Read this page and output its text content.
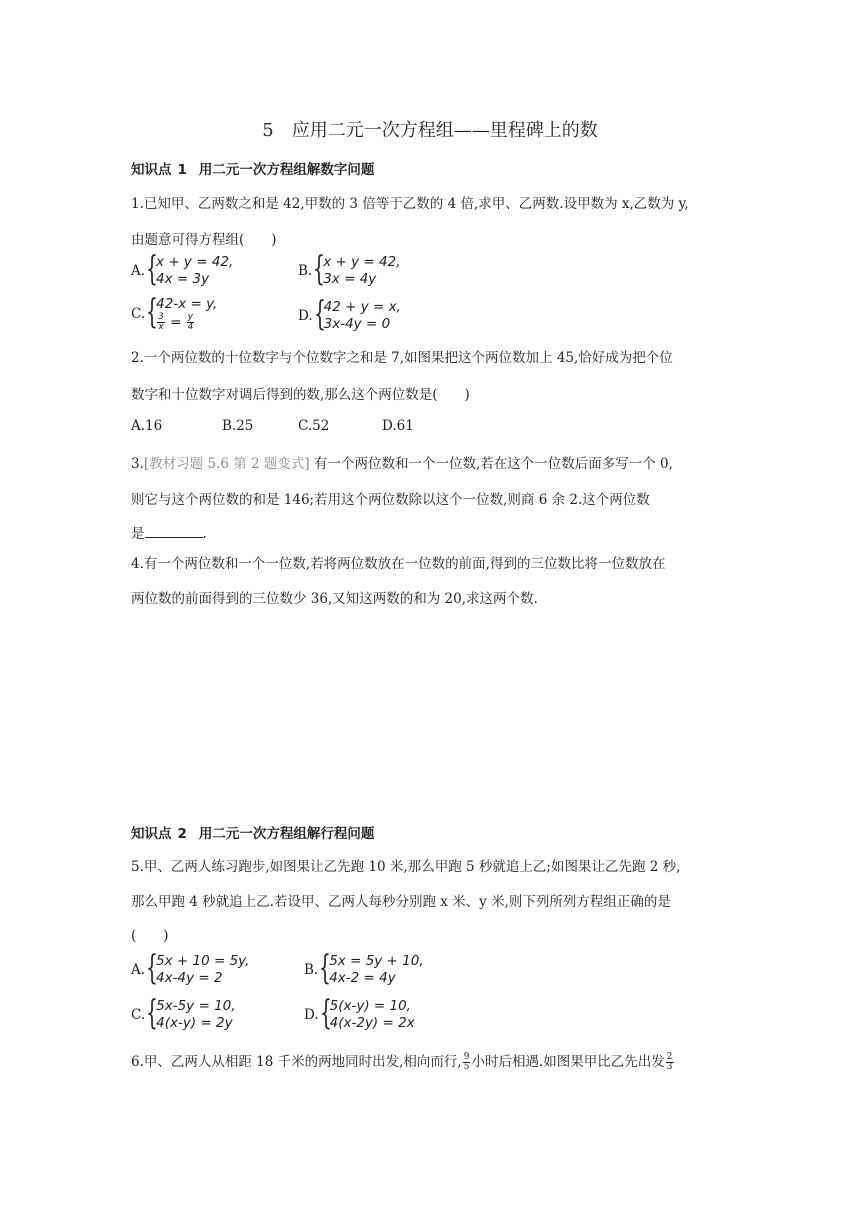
5 应用二元一次方程组——里程碑上的数
知识点 1 用二元一次方程组解数字问题
1.已知甲、乙两数之和是 42,甲数的 3 倍等于乙数的 4 倍,求甲、乙两数.设甲数为 x,乙数为 y,
由题意可得方程组(　　)
A. {
x + y = 42,
4x = 3y	B. {
x + y = 42,
3x = 4y
C. {
42-x = y,
$\frac{3}{x} = \frac{y}{4}$	D. {
42 + y = x,
3x-4y = 0
2.一个两位数的十位数字与个位数字之和是 7,如图果把这个两位数加上 45,恰好成为把个位
数字和十位数字对调后得到的数,那么这个两位数是(　　)
A.16	B.25	C.52	D.61
3.[教材习题 5.6 第 2 题变式] 有一个两位数和一个一位数,若在这个一位数后面多写一个 0,
则它与这个两位数的和是 146;若用这个两位数除以这个一位数,则商 6 余 2.这个两位数
是	.
4.有一个两位数和一个一位数,若将两位数放在一位数的前面,得到的三位数比将一位数放在
两位数的前面得到的三位数少 36,又知这两数的和为 20,求这两个数.
知识点 2 用二元一次方程组解行程问题
5.甲、乙两人练习跑步,如图果让乙先跑 10 米,那么甲跑 5 秒就追上乙;如图果让乙先跑 2 秒,
那么甲跑 4 秒就追上乙.若设甲、乙两人每秒分别跑 x 米、y 米,则下列所列方程组正确的是
(　　)
A. {
5x + 10 = 5y,
4x-4y = 2	B. {
5x = 5y + 10,
4x-2 = 4y
C. {
5x-5y = 10,
4(x-y) = 2y	D. {
5(x-y) = 10,
4(x-2y) = 2x
6.甲、乙两人从相距 18 千米的两地同时出发,相向而行, $\frac{9}{5}$ 小时后相遇.如图果甲比乙先出发 $\frac{2}{3}$
